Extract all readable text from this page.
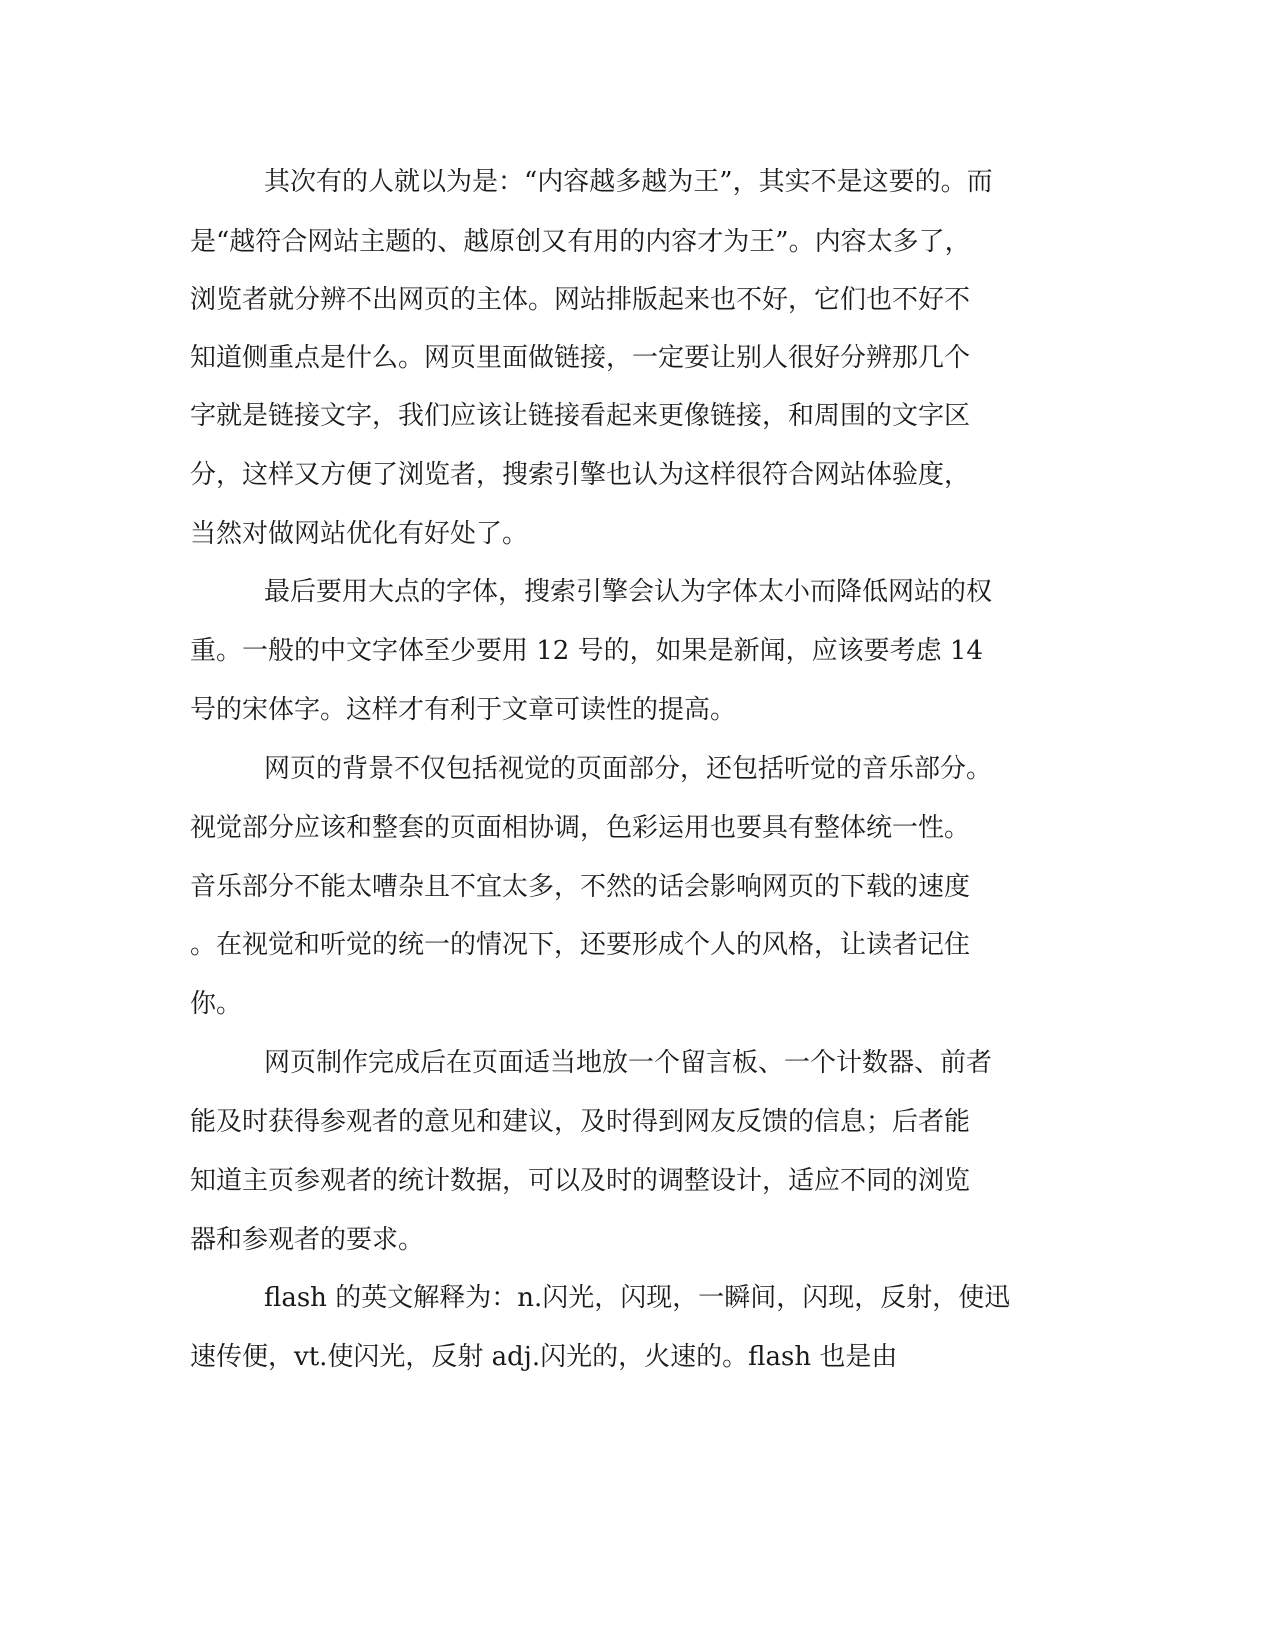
其次有的人就以为是：“内容越多越为王”，其实不是这要的。而
是“越符合网站主题的、越原创又有用的内容才为王”。内容太多了，
浏览者就分辨不出网页的主体。网站排版起来也不好，它们也不好不
知道侧重点是什么。网页里面做链接，一定要让别人很好分辨那几个
字就是链接文字，我们应该让链接看起来更像链接，和周围的文字区
分，这样又方便了浏览者，搜索引擎也认为这样很符合网站体验度，
当然对做网站优化有好处了。
最后要用大点的字体，搜索引擎会认为字体太小而降低网站的权
重。一般的中文字体至少要用 12 号的，如果是新闻，应该要考虑 14
号的宋体字。这样才有利于文章可读性的提高。
网页的背景不仅包括视觉的页面部分，还包括听觉的音乐部分。
视觉部分应该和整套的页面相协调，色彩运用也要具有整体统一性。
音乐部分不能太嘈杂且不宜太多，不然的话会影响网页的下载的速度
。在视觉和听觉的统一的情况下，还要形成个人的风格，让读者记住
你。
网页制作完成后在页面适当地放一个留言板、一个计数器、前者
能及时获得参观者的意见和建议，及时得到网友反馈的信息；后者能
知道主页参观者的统计数据，可以及时的调整设计，适应不同的浏览
器和参观者的要求。
flash 的英文解释为：n.闪光，闪现，一瞬间，闪现，反射，使迅
速传便，vt.使闪光，反射 adj.闪光的，火速的。flash 也是由
